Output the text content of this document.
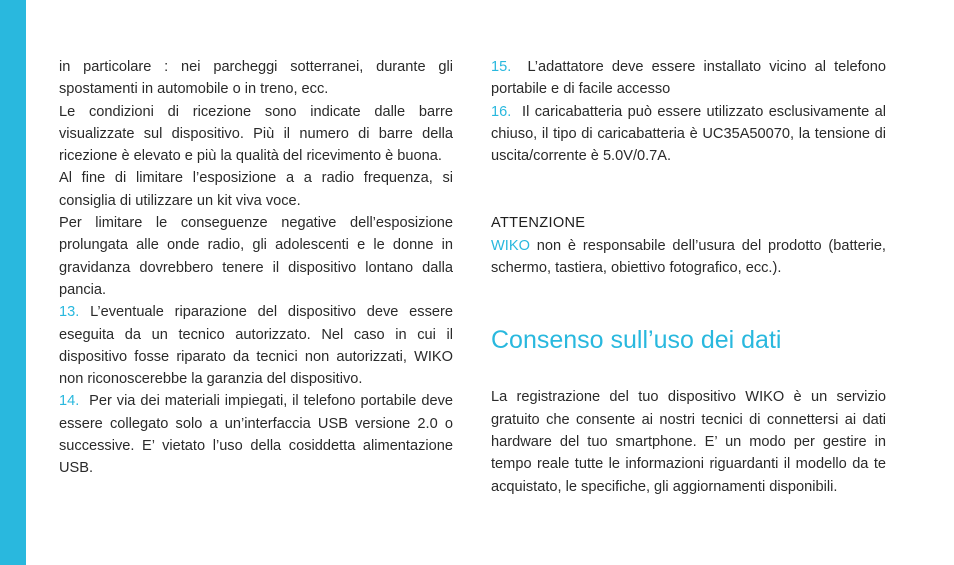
in particolare : nei parcheggi sotterranei, durante gli spostamenti in automobile o in treno, ecc.

Le condizioni di ricezione sono indicate dalle barre visualizzate sul dispositivo. Più il numero di barre della ricezione è elevato e più la qualità del ricevimento è buona.

Al fine di limitare l’esposizione a a radio frequenza, si consiglia di utilizzare un kit viva voce.

Per limitare le conseguenze negative dell’esposizione prolungata alle onde radio, gli adolescenti e le donne in gravidanza dovrebbero tenere il dispositivo lontano dalla pancia.

13. L’eventuale riparazione del dispositivo deve essere eseguita da un tecnico autorizzato. Nel caso in cui il dispositivo fosse riparato da tecnici non autorizzati, WIKO non riconoscerebbe la garanzia del dispositivo.

14. Per via dei materiali impiegati, il telefono portabile deve essere collegato solo a un’interfaccia USB versione 2.0 o successive. E’ vietato l’uso della cosiddetta alimentazione USB.

15. L’adattatore deve essere installato vicino al telefono portabile e di facile accesso

16. Il caricabatteria può essere utilizzato esclusivamente al chiuso, il tipo di caricabatteria è UC35A50070, la tensione di uscita/corrente è 5.0V/0.7A.

ATTENZIONE

WIKO non è responsabile dell’usura del prodotto (batterie, schermo, tastiera, obiettivo fotografico, ecc.).

Consenso sull’uso dei dati

La registrazione del tuo dispositivo WIKO è un servizio gratuito che consente ai nostri tecnici di connettersi ai dati hardware del tuo smartphone. E’ un modo per gestire in tempo reale tutte le informazioni riguardanti il modello da te acquistato, le specifiche, gli aggiornamenti disponibili.
